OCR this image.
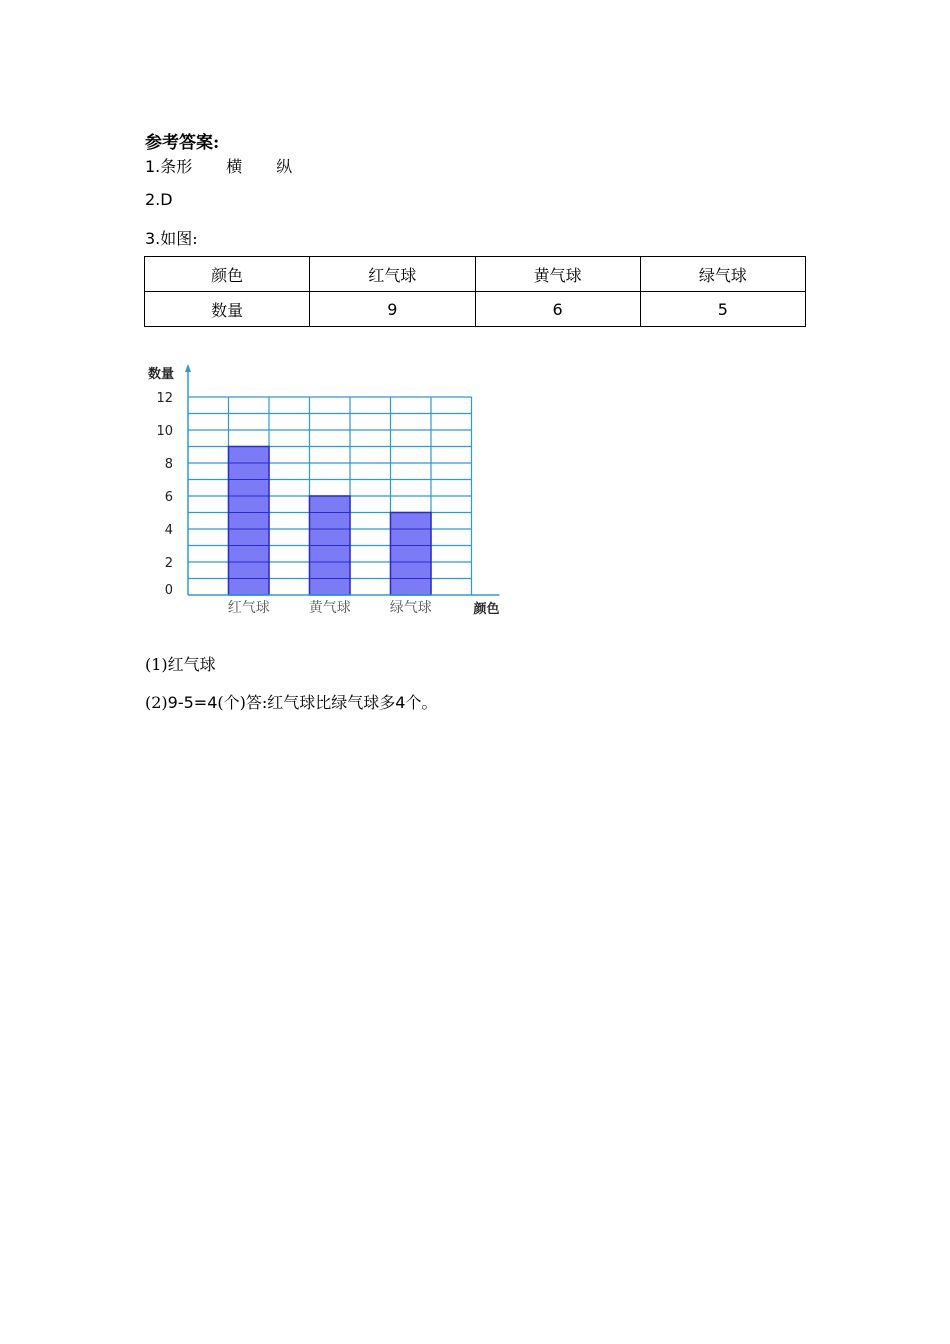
参考答案:
1.条形 横 纵
2.D
3.如图:
颜色	红气球	黄气球	绿气球
数量	9	6	5
红气球	黄气球	绿气球
0
2
4
6
8
10
12
数量
颜色
(1)红气球
(2)9-5=4(个)答:红气球比绿气球多4个。
